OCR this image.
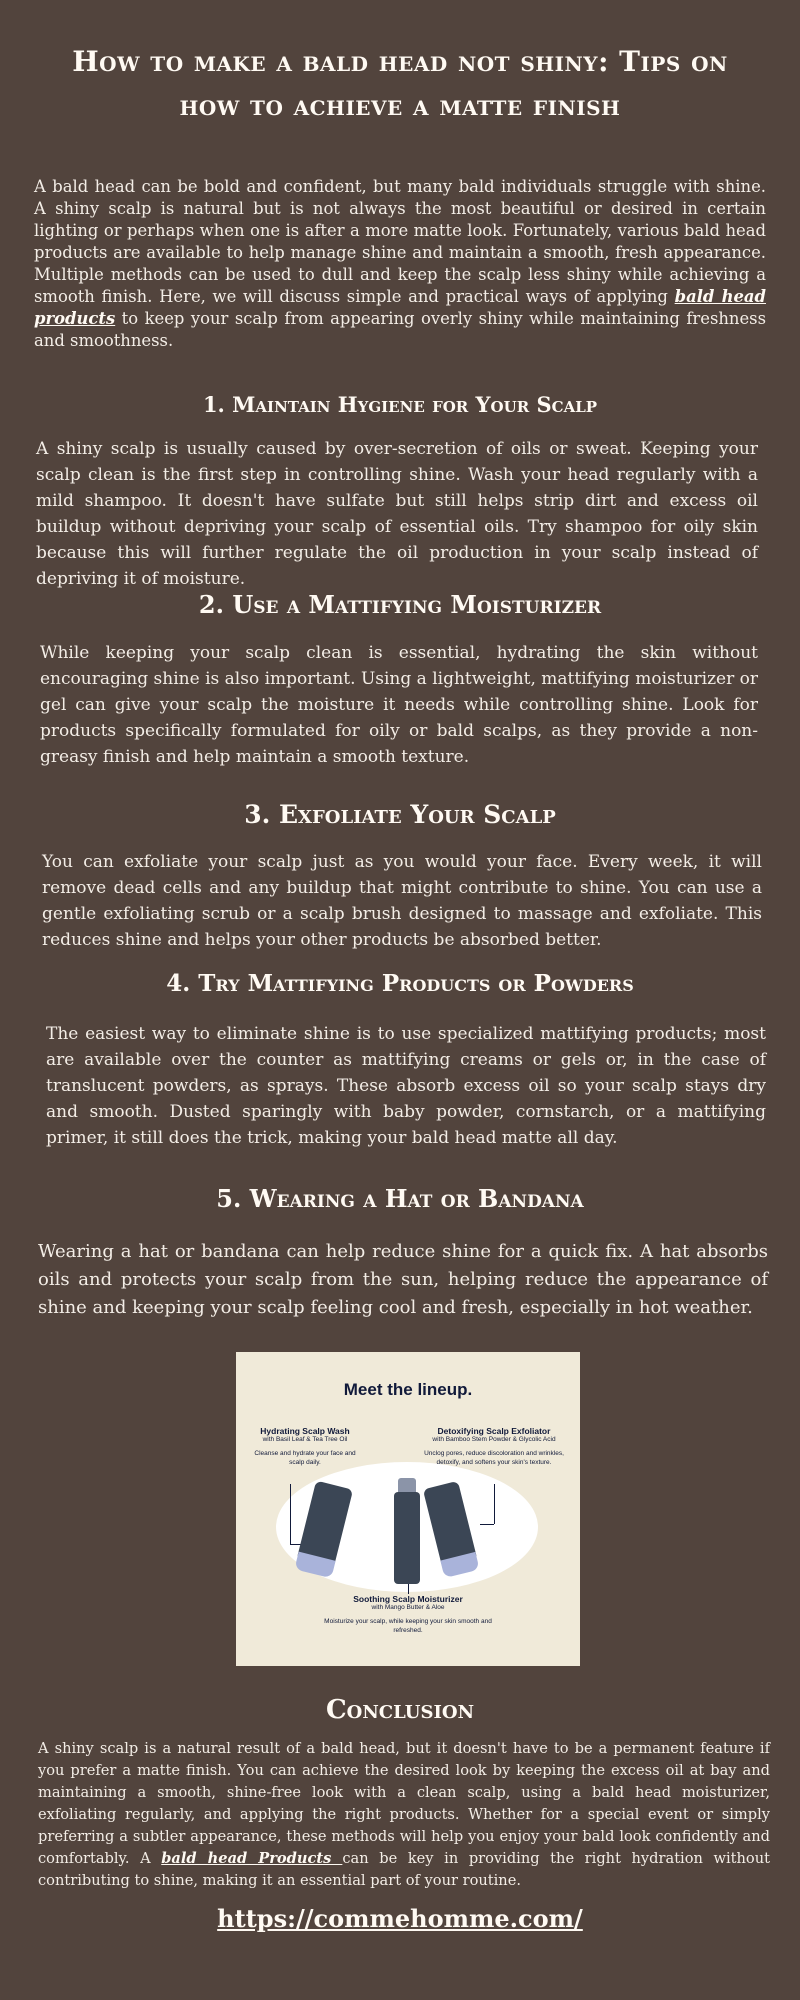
How to make a bald head not shiny: Tips on how to achieve a matte finish

A bald head can be bold and confident, but many bald individuals struggle with shine. A shiny scalp is natural but is not always the most beautiful or desired in certain lighting or perhaps when one is after a more matte look. Fortunately, various bald head products are available to help manage shine and maintain a smooth, fresh appearance. Multiple methods can be used to dull and keep the scalp less shiny while achieving a smooth finish. Here, we will discuss simple and practical ways of applying bald head products to keep your scalp from appearing overly shiny while maintaining freshness and smoothness.

1. Maintain Hygiene for Your Scalp

A shiny scalp is usually caused by over-secretion of oils or sweat. Keeping your scalp clean is the first step in controlling shine. Wash your head regularly with a mild shampoo. It doesn't have sulfate but still helps strip dirt and excess oil buildup without depriving your scalp of essential oils. Try shampoo for oily skin because this will further regulate the oil production in your scalp instead of depriving it of moisture.

2. Use a Mattifying Moisturizer

While keeping your scalp clean is essential, hydrating the skin without encouraging shine is also important. Using a lightweight, mattifying moisturizer or gel can give your scalp the moisture it needs while controlling shine. Look for products specifically formulated for oily or bald scalps, as they provide a non-greasy finish and help maintain a smooth texture.

3. Exfoliate Your Scalp

You can exfoliate your scalp just as you would your face. Every week, it will remove dead cells and any buildup that might contribute to shine. You can use a gentle exfoliating scrub or a scalp brush designed to massage and exfoliate. This reduces shine and helps your other products be absorbed better.

4. Try Mattifying Products or Powders

The easiest way to eliminate shine is to use specialized mattifying products; most are available over the counter as mattifying creams or gels or, in the case of translucent powders, as sprays. These absorb excess oil so your scalp stays dry and smooth. Dusted sparingly with baby powder, cornstarch, or a mattifying primer, it still does the trick, making your bald head matte all day.

5. Wearing a Hat or Bandana

Wearing a hat or bandana can help reduce shine for a quick fix. A hat absorbs oils and protects your scalp from the sun, helping reduce the appearance of shine and keeping your scalp feeling cool and fresh, especially in hot weather.

Meet the lineup.
Hydrating Scalp Wash
with Basil Leaf & Tea Tree Oil
Cleanse and hydrate your face and scalp daily.
Detoxifying Scalp Exfoliator
with Bamboo Stem Powder & Glycolic Acid
Unclog pores, reduce discoloration and wrinkles, detoxify, and softens your skin's texture.
Soothing Scalp Moisturizer
with Mango Butter & Aloe
Moisturize your scalp, while keeping your skin smooth and refreshed.
Conclusion

A shiny scalp is a natural result of a bald head, but it doesn't have to be a permanent feature if you prefer a matte finish. You can achieve the desired look by keeping the excess oil at bay and maintaining a smooth, shine-free look with a clean scalp, using a bald head moisturizer, exfoliating regularly, and applying the right products. Whether for a special event or simply preferring a subtler appearance, these methods will help you enjoy your bald look confidently and comfortably. A bald head Products can be key in providing the right hydration without contributing to shine, making it an essential part of your routine.

https://commehomme.com/
